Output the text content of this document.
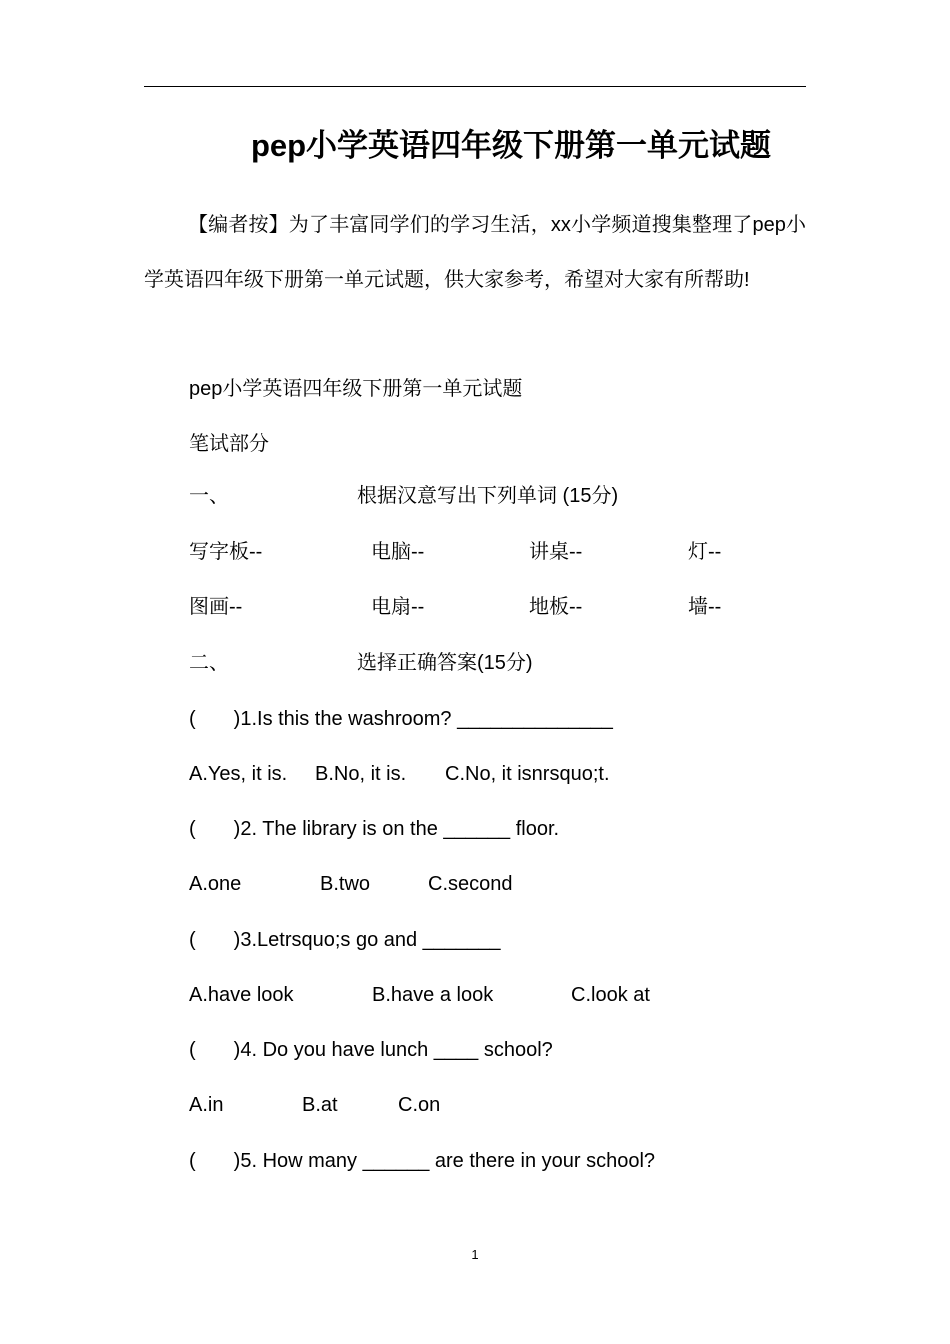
pep小学英语四年级下册第一单元试题
【编者按】为了丰富同学们的学习生活，xx小学频道搜集整理了pep小学英语四年级下册第一单元试题，供大家参考，希望对大家有所帮助!
pep小学英语四年级下册第一单元试题
笔试部分
一、	根据汉意写出下列单词 (15分)
写字板--	电脑--	讲桌--	灯--
图画--	电扇--	地板--	墙--
二、	选择正确答案(15分)
( )1.Is this the washroom? ______________
A.Yes, it is. B.No, it is. C.No, it isnrsquo;t.
( )2. The library is on the ______ floor.
A.one	B.two	C.second
( )3.Letrsquo;s go and _______
A.have look	B.have a look	C.look at
( )4. Do you have lunch ____ school?
A.in	B.at	C.on
( )5. How many ______ are there in your school?
1
